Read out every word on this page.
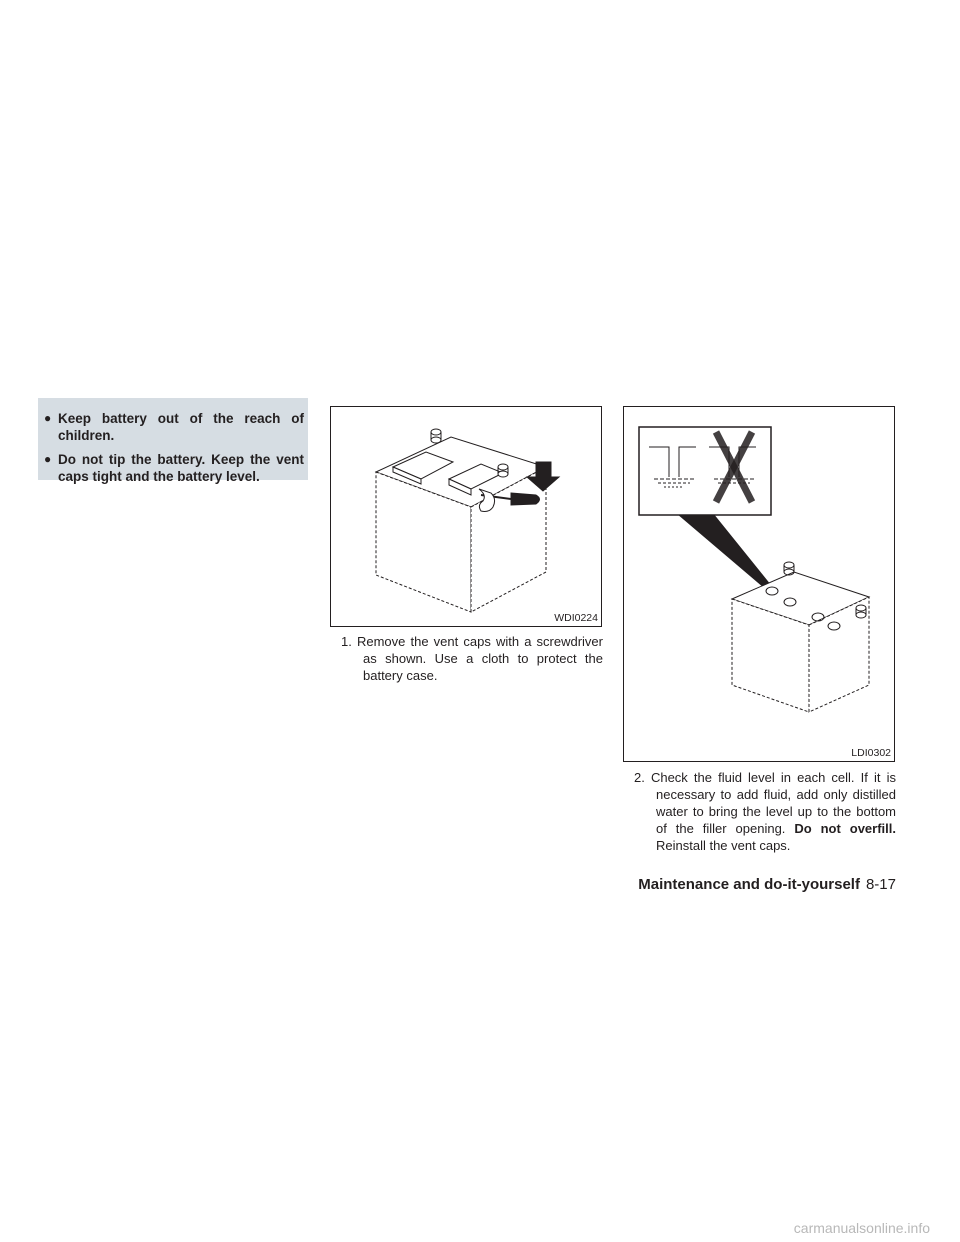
● Keep battery out of the reach of children.
● Do not tip the battery. Keep the vent caps tight and the battery level.
WDI0224
1. Remove the vent caps with a screwdriver as shown. Use a cloth to protect the battery case.
LDI0302
2. Check the fluid level in each cell. If it is necessary to add fluid, add only distilled water to bring the level up to the bottom of the filler opening. Do not overfill. Reinstall the vent caps.
Maintenance and do-it-yourself 8-17
carmanualsonline.info
